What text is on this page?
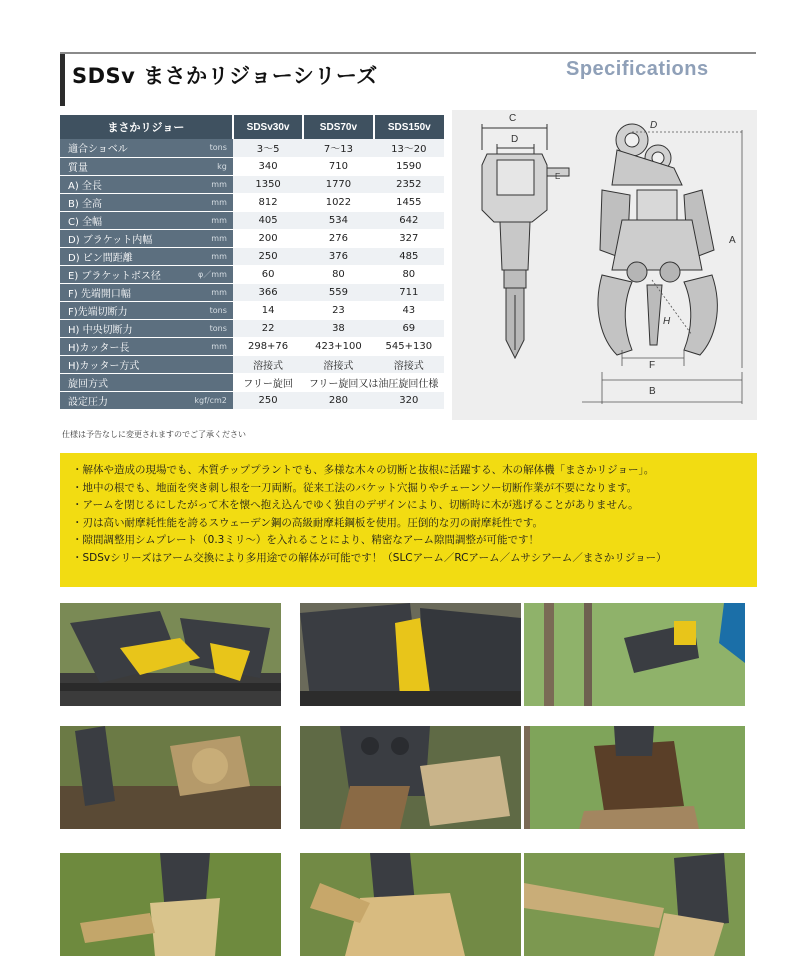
SDSv まさかリジョーシリーズ	Specifications
まさかリジョー		SDSv30v	SDS70v	SDS150v
適合ショベル	tons	3～5	7～13	13～20
質量	kg	340	710	1590
A) 全長	mm	1350	1770	2352
B) 全高	mm	812	1022	1455
C) 全幅	mm	405	534	642
D) ブラケット内幅	mm	200	276	327
D) ピン間距離	mm	250	376	485
E) ブラケットボス径	φ／mm	60	80	80
F) 先端開口幅	mm	366	559	711
F)先端切断力	tons	14	23	43
H) 中央切断力	tons	22	38	69
H)カッター長	mm	298+76	423+100	545+130
H)カッター方式		溶接式	溶接式	溶接式
旋回方式		フリー旋回	フリー旋回又は油圧旋回仕様	
設定圧力	kgf/cm2	250	280	320
C
D
E
D
A
H
F
B
仕様は予告なしに変更されますのでご了承ください
・解体や造成の現場でも、木質チッププラントでも、多様な木々の切断と抜根に活躍する、木の解体機「まさかリジョー」。
・地中の根でも、地面を突き刺し根を一刀両断。従来工法のバケット穴掘りやチェーンソー切断作業が不要になります。
・アームを閉じるにしたがって木を懐へ抱え込んでゆく独自のデザインにより、切断時に木が逃げることがありません。
・刃は高い耐摩耗性能を誇るスウェーデン鋼の高級耐摩耗鋼板を使用。圧倒的な刃の耐摩耗性です。
・隙間調整用シムプレート（0.3ミリ〜）を入れることにより、精密なアーム隙間調整が可能です！
・SDSvシリーズはアーム交換により多用途での解体が可能です！（SLCアーム／RCアーム／ムサシアーム／まさかリジョー）
